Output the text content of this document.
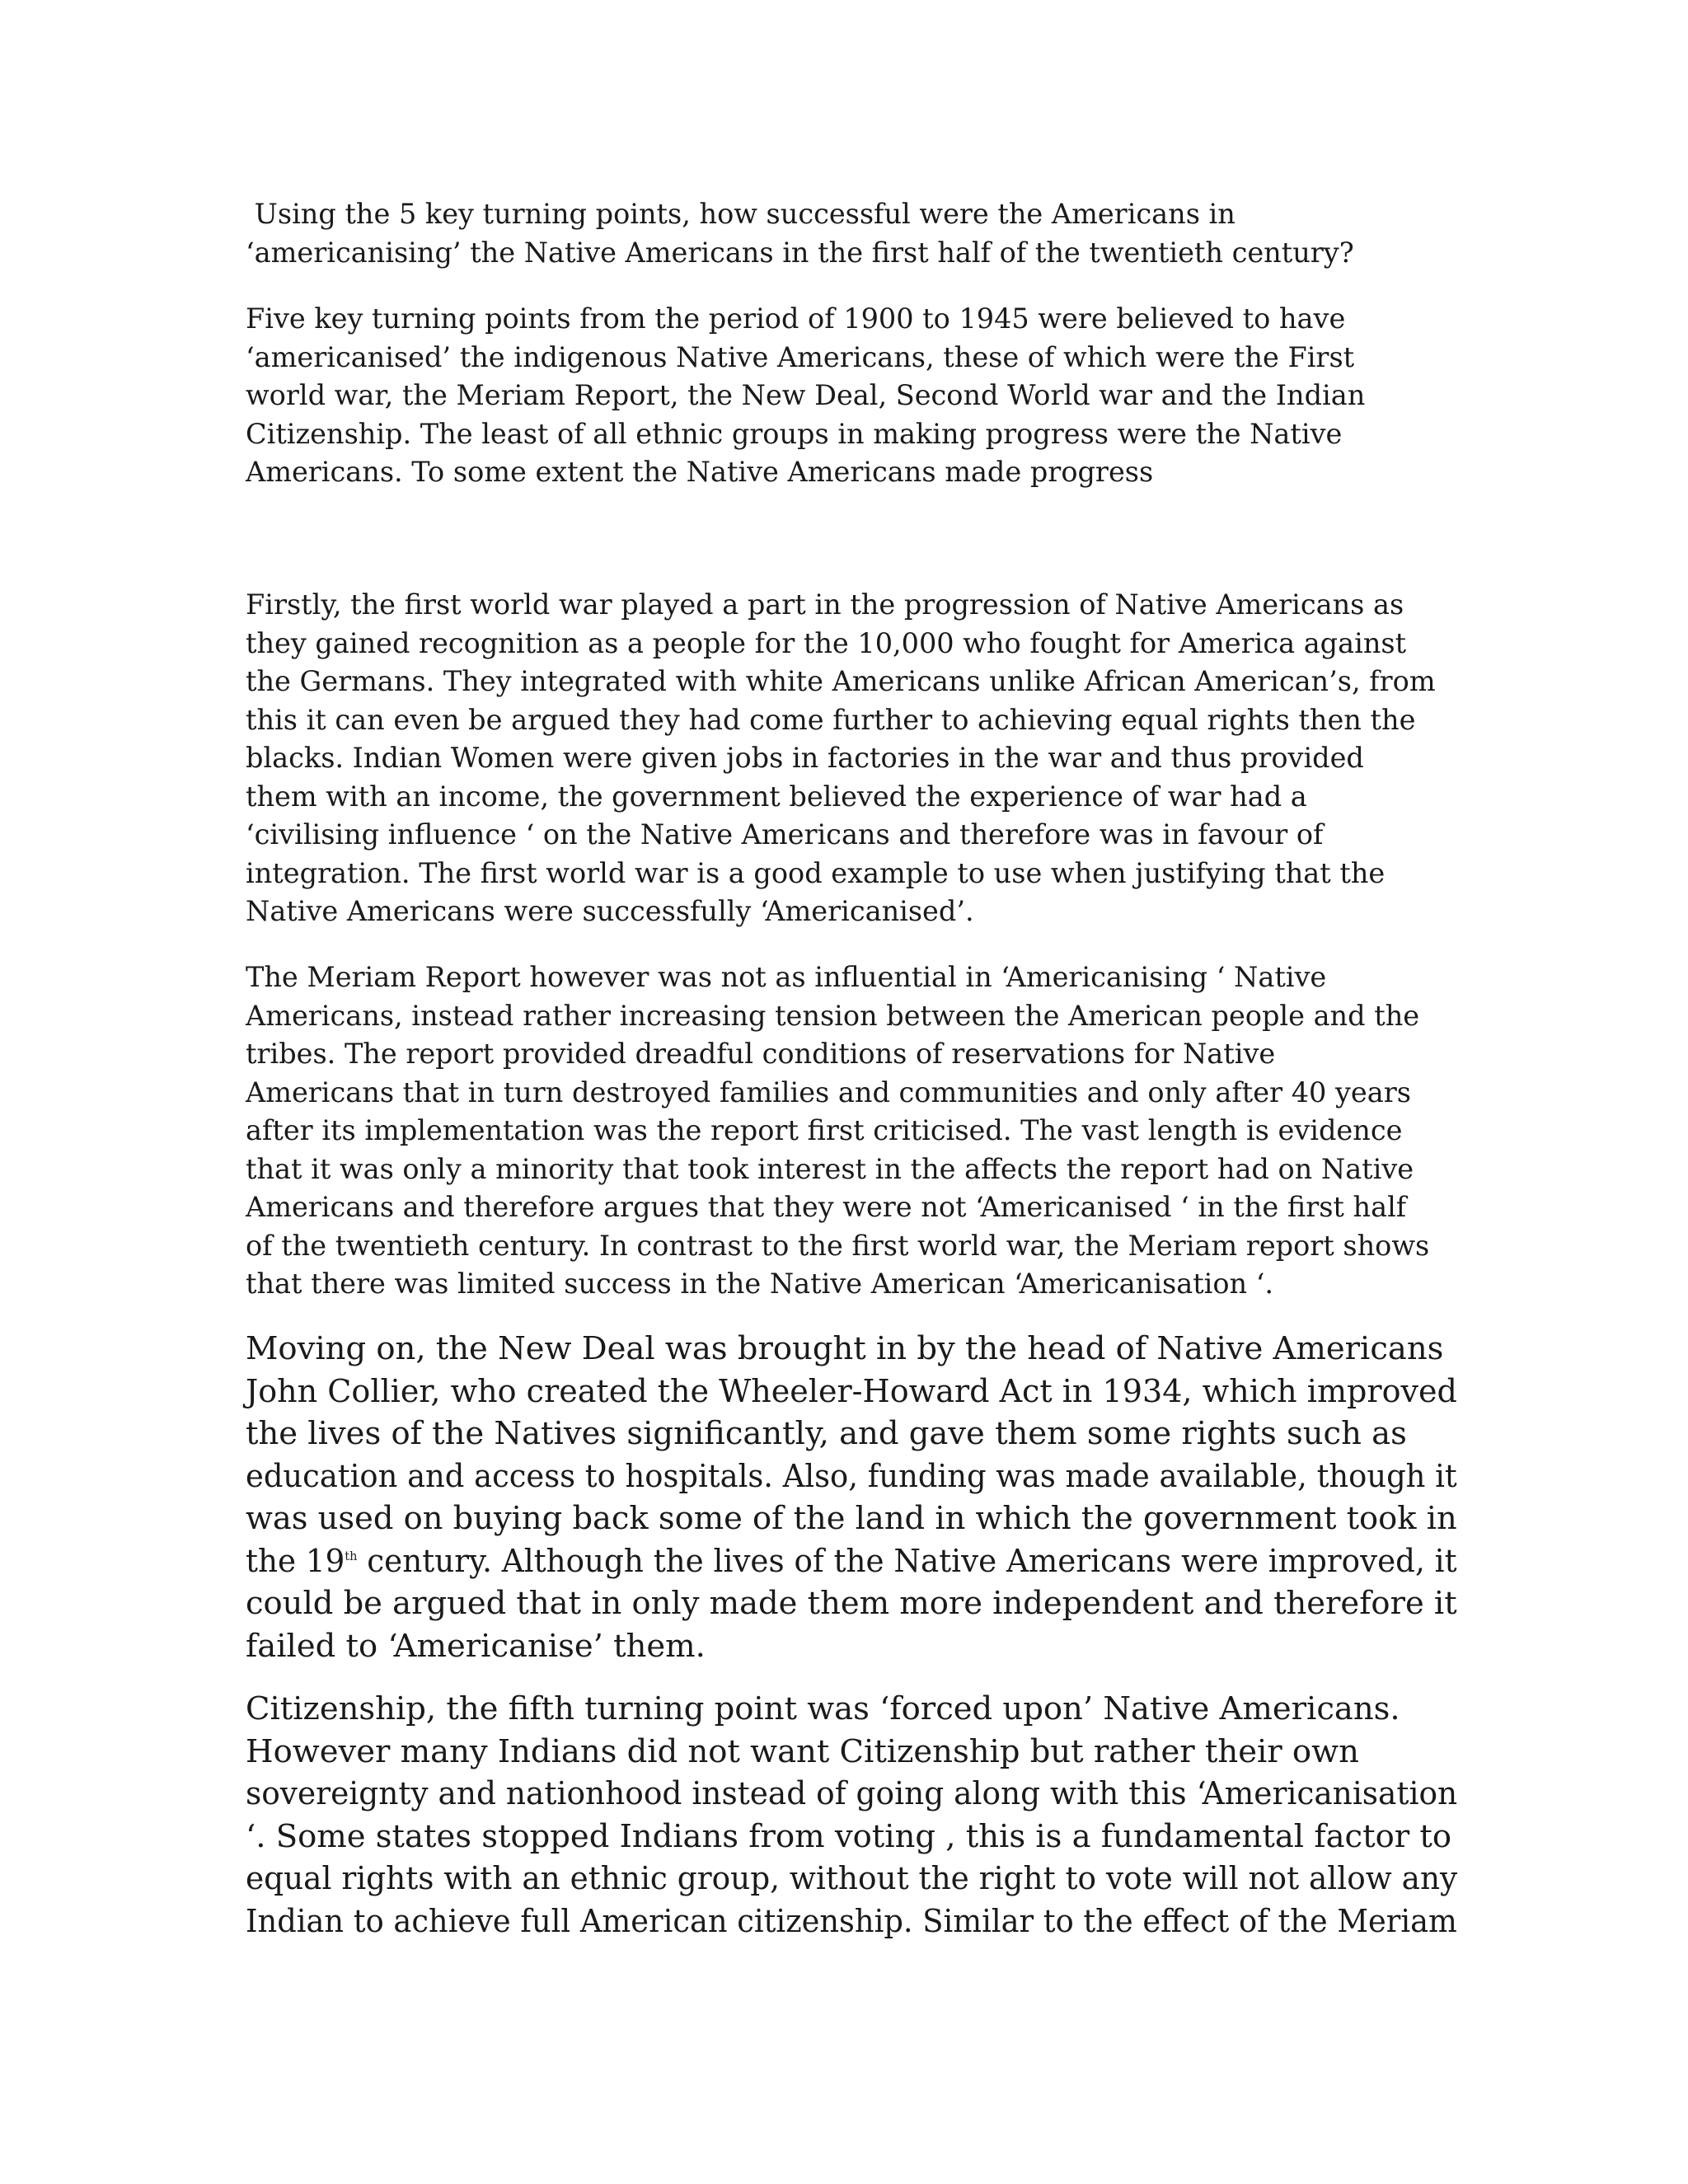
Using the 5 key turning points, how successful were the Americans in
‘americanising’ the Native Americans in the first half of the twentieth century?

Five key turning points from the period of 1900 to 1945 were believed to have
‘americanised’ the indigenous Native Americans, these of which were the First
world war, the Meriam Report, the New Deal, Second World war and the Indian
Citizenship. The least of all ethnic groups in making progress were the Native
Americans. To some extent the Native Americans made progress

Firstly, the first world war played a part in the progression of Native Americans as
they gained recognition as a people for the 10,000 who fought for America against
the Germans. They integrated with white Americans unlike African American’s, from
this it can even be argued they had come further to achieving equal rights then the
blacks. Indian Women were given jobs in factories in the war and thus provided
them with an income, the government believed the experience of war had a
‘civilising influence ‘ on the Native Americans and therefore was in favour of
integration. The first world war is a good example to use when justifying that the
Native Americans were successfully ‘Americanised’.

The Meriam Report however was not as influential in ‘Americanising ‘ Native
Americans, instead rather increasing tension between the American people and the
tribes. The report provided dreadful conditions of reservations for Native
Americans that in turn destroyed families and communities and only after 40 years
after its implementation was the report first criticised. The vast length is evidence
that it was only a minority that took interest in the affects the report had on Native
Americans and therefore argues that they were not ‘Americanised ‘ in the first half
of the twentieth century. In contrast to the first world war, the Meriam report shows
that there was limited success in the Native American ‘Americanisation ‘.

Moving on, the New Deal was brought in by the head of Native Americans
John Collier, who created the Wheeler-Howard Act in 1934, which improved
the lives of the Natives significantly, and gave them some rights such as
education and access to hospitals. Also, funding was made available, though it
was used on buying back some of the land in which the government took in
the 19th century. Although the lives of the Native Americans were improved, it
could be argued that in only made them more independent and therefore it
failed to ‘Americanise’ them.

Citizenship, the fifth turning point was ‘forced upon’ Native Americans.
However many Indians did not want Citizenship but rather their own
sovereignty and nationhood instead of going along with this ‘Americanisation
‘. Some states stopped Indians from voting , this is a fundamental factor to
equal rights with an ethnic group, without the right to vote will not allow any
Indian to achieve full American citizenship. Similar to the effect of the Meriam
